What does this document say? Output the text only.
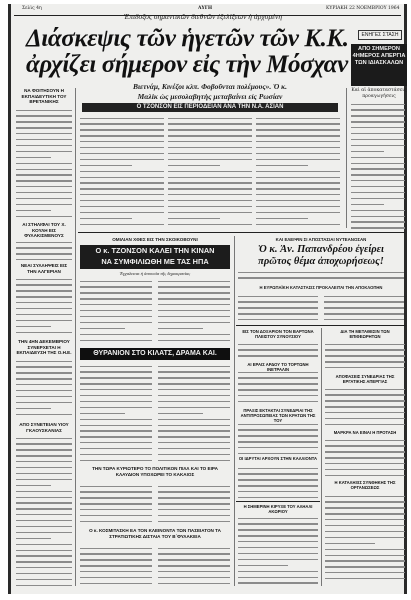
Σελὶς 4η	ΑΥΓΗ	ΚΥΡΙΑΚΗ 22 ΝΟΕΜΒΡΙΟΥ 1964
Ἐπιδοξος σημαντικῶν διεθνῶν ἐξελίξεων ἡ ἀρχομένη
Διάσκεψις τῶν ἡγετῶν τῶν Κ.Κ.
ἀρχίζει σήμερον εἰς τὴν Μόσχαν
Βιετνάμ, Κινέζοι κλπ. Φοβοῦνται πολέμους». Ὁ κ.
Μαλὶκ ὡς μεσολαβητὴς μεταβαίνει εἰς Ρωσίαν
Ο ΤΖΟΝΣΟΝ ΕΙΣ ΠΕΡΙΟΔΕΙΑΝ ΑΝΑ ΤΗΝ Ν.Α. ΑΣΙΑΝ
ΕΝΗΓΕΣ ΣΤΑΣΗ
ΑΠΟ ΣΗΜΕΡΟΝ
4ΗΜΕΡΟΣ ΑΠΕΡΓΙΑ
ΤΩΝ ΙΔΙΑΣΚΑΛΩΝ
Καὶ αἱ ἀποκαταστάσεις
προαγωγήσεις
ΝΑ ΦΟΙΤΗΣΟΥΝ Η ΕΚΠΑΙΔΕΥΤΙΚΗ ΤΟΥ ΒΡΕΤΑΝΙΚΗΣ
ΑΙ ΣΤΗΛΙΦΑΙ ΤΟΥ Χ. ΚΟΥΛΗ ΕΙΣ ΦΥΛΑΚΙΣΜΕΝΟΥΣ
ΝΕΑΙ ΣΥΛΛΗΨΕΙΣ ΕΙΣ ΤΗΝ ΑΛΓΕΡΙΑΝ
ΤΗΝ 4ΗΝ ΔΕΚΕΜΒΡΙΟΥ ΣΥΝΕΡΧΕΤΑΙ Η ΕΚΠΑΙΔΕΥΣΗ ΤΗΣ Ο.Η.Ε.
ΑΠΟ ΣΥΝΕΤΕΙΑΝ ΥΙΟΥ ΓΚΑΟΥΣΚΑΝΙΑΣ
ΟΜΙΛΙΑΝ ΧΘΕΣ ΕΙΣ ΤΗΝ ΣΚΟΙΚΟΒΟΥΝΙ
Ο κ. ΤΖΟΝΣΟΝ ΚΑΛΕΙ ΤΗΝ ΚΙΝΑΝ
ΝΑ ΣΥΜΦΙΛΙΩΘΗ ΜΕ ΤΑΣ ΗΠΑ
Ἐγχαλειται ἡ ἀπουσία τῆς δημοκρατίας
ΘΥΡΑΝΙΟΝ ΣΤΟ ΚΙΛΑΤΣ, ΔΡΑΜΑ ΚΑΙ.
ΤΗΝ ΤΩΡΑ ΚΥΡΙΩΤΕΡΟ ΤΟ ΠΟΛΙΤΙΚΟΝ ΠΙΛΛ ΚΑΙ ΤΟ ΕΙΡΑ ΚΛΑΥΔΙΟΝ ΥΠΟΧΩΡΕΙ ΤΟ ΚΑΚΑΙΟΣ
Ο κ. ΚΟΣΜΙΤΑΣΚΗ ΕΑ ΤΟΝ ΚΛΕΙΝΟΝΤΑ ΤΩΝ ΠΑΣΕΙΑΤΟΝ ΤΑ ΣΤΡΑΤΙΩΤΙΚΗΣ ΔΙΣΤΑΙΑ ΤΟΥ Β΄ΦΥΛΑΚΕΙΑ
ΚΑΙ ΕΛΕΙΨΙΝ ΣΙ ΑΠΟΣΤΑΣΙΑΙ ΝΥΤΕΑΝΟΣΑΝ
Ὁ κ. Ἀν. Παπανδρέου ἐγείρει
πρῶτος θέμα ἀποχωρήσεως!
Η ΕΥΡΩΠΑΪΚΗ ΚΑΤΑΣΤΑΣΙΣ ΠΡΟΚΑΛΕΙΤΑΙ ΤΗΝ ΑΠΟΚΛΟΠΗΝ
ΕΙΣ ΤΟΝ ΔΟΞΑΡΙΟΝ ΤΟΝ ΒΑΡΤΩΝΑ ΠΛΕΙΣΤΟΥ ΣΥΝΟΥΣΙΟΥ
ΑΙ ΕΡΑΙΣ ΑΡΔΟΥ ΤΟ ΤΟΡΤΩΝΗ ΙΝΕΤΡΑΛΙΝ
ΠΡΑΞΙΣ ΕΚΤΑΚΤΑΙ ΣΥΝΕΔΡΙΑΙ ΤΗΣ ΑΝΤΙΠΡΟΣΩΠΕΙΑΣ ΤΩΝ ΚΡΑΤΩΝ ΤΗΣ ΤΟΥ
ΟΙ ΙΔΡΥΤΑΙ ΑΡΧΟΥΝ ΣΤΗΝ ΚΑΛΛΙΟΝΤΑ
ΔΙΑ ΤΗ ΜΕΤΑΘΕΣΙΝ ΤΩΝ ΕΠΙΘΕΩΡΗΤΩΝ
ΑΠΟΦΑΣΕΙΣ ΣΥΝΕΔΡΙΑΣ ΤΗΣ ΕΡΓΑΤΙΚΗΣ ΑΠΕΡΓΙΑΣ
ΜΑΡΚΡΑ ΝΑ ΕΙΝΑΙ Η ΠΡΟΤΑΣΗ
Η ΚΑΤΑΛΗΞΙΣ ΣΥΝΘΗΚΗΣ ΤΗΣ ΟΡΓΑΝΩΣΕΩΣ
Η ΣΗΜΕΡΙΝΗ ΚΙΡΥΞΕ ΤΟΥ ΑΛΗΑΛΙ ΑΚΩΡΙΟΥ
